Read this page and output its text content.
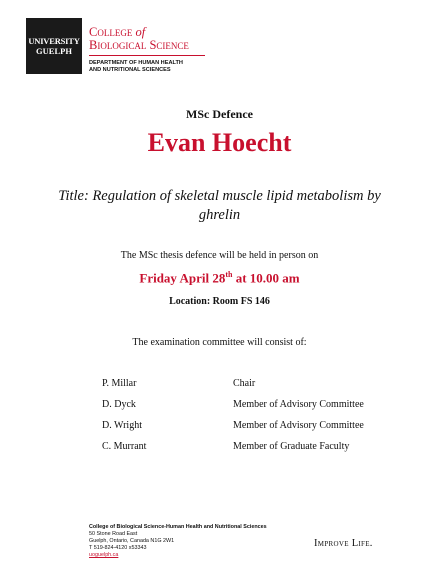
UNIVERSITY
GUELPH
College of
Biological Science
DEPARTMENT OF HUMAN HEALTH
AND NUTRITIONAL SCIENCES
MSc Defence
Evan Hoecht
Title: Regulation of skeletal muscle lipid metabolism by ghrelin
The MSc thesis defence will be held in person on
Friday April 28th at 10.00 am
Location: Room FS 146
The examination committee will consist of:
P. Millar	Chair
D. Dyck	Member of Advisory Committee
D. Wright	Member of Advisory Committee
C. Murrant	Member of Graduate Faculty
College of Biological Science-Human Health and Nutritional Sciences
50 Stone Road East
Guelph, Ontario, Canada N1G 2W1
T 519-824-4120 x53343
uoguelph.ca
Improve Life.
